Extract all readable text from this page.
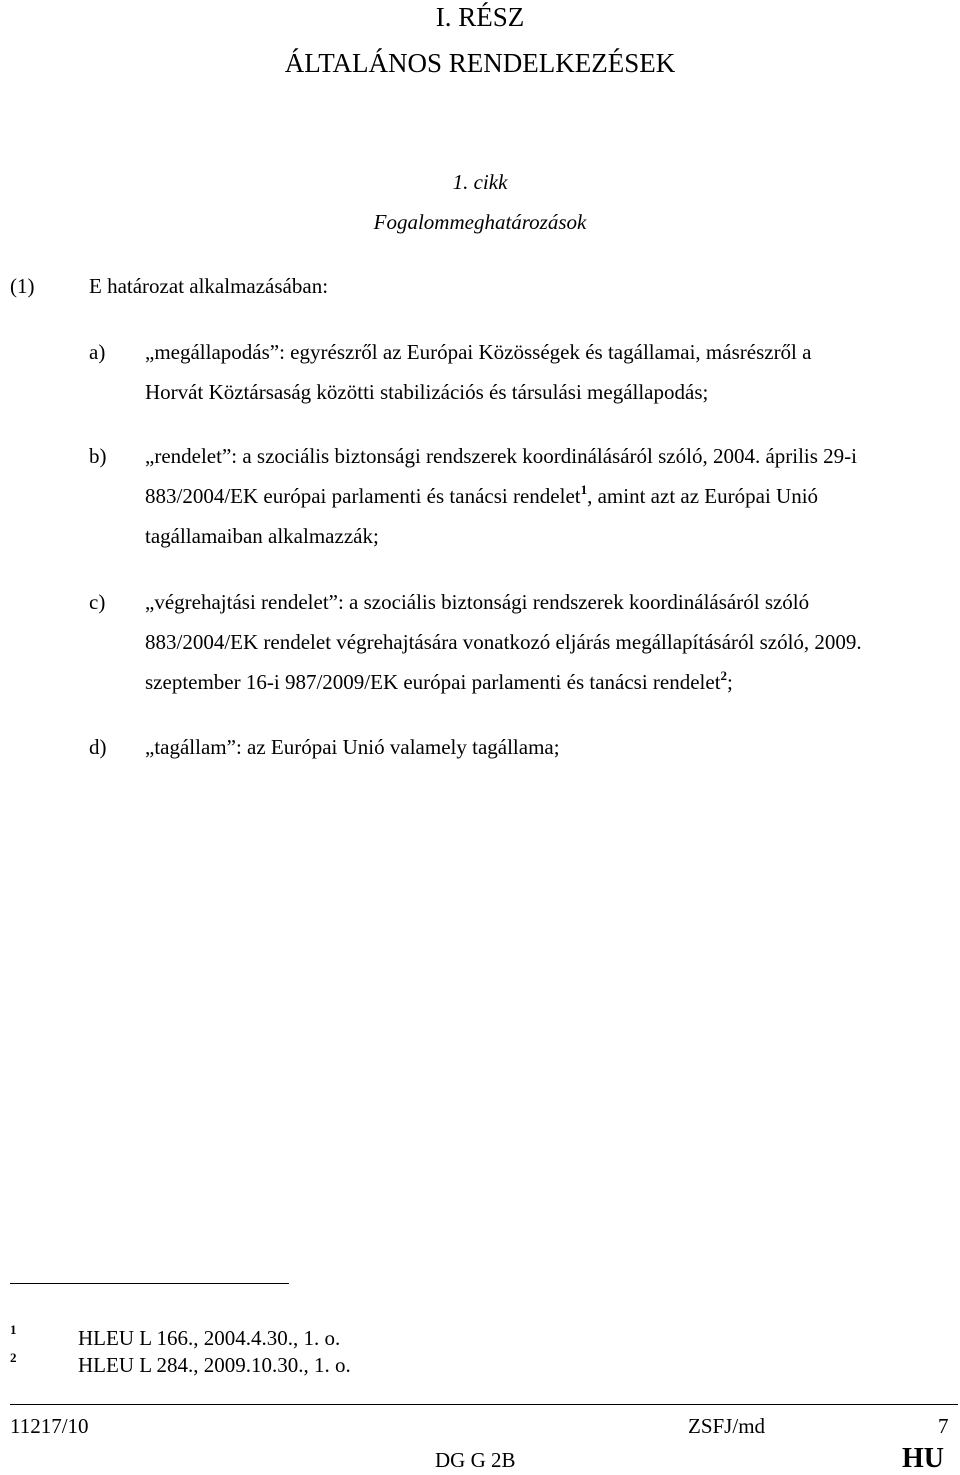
I. RÉSZ
ÁLTALÁNOS RENDELKEZÉSEK
1. cikk
Fogalommeghatározások
(1)	E határozat alkalmazásában:
a) „megállapodás”: egyrészről az Európai Közösségek és tagállamai, másrészről a
Horvát Köztársaság közötti stabilizációs és társulási megállapodás;
b) „rendelet”: a szociális biztonsági rendszerek koordinálásáról szóló, 2004. április 29-i
883/2004/EK európai parlamenti és tanácsi rendelet$^1$, amint azt az Európai Unió
tagállamaiban alkalmazzák;
c) „végrehajtási rendelet”: a szociális biztonsági rendszerek koordinálásáról szóló
883/2004/EK rendelet végrehajtására vonatkozó eljárás megállapításáról szóló, 2009.
szeptember 16-i 987/2009/EK európai parlamenti és tanácsi rendelet$^2$;
d) „tagállam”: az Európai Unió valamely tagállama;
1	HLEU L 166., 2004.4.30., 1. o.
2	HLEU L 284., 2009.10.30., 1. o.
11217/10	ZSFJ/md	7
DG G 2B	HU
